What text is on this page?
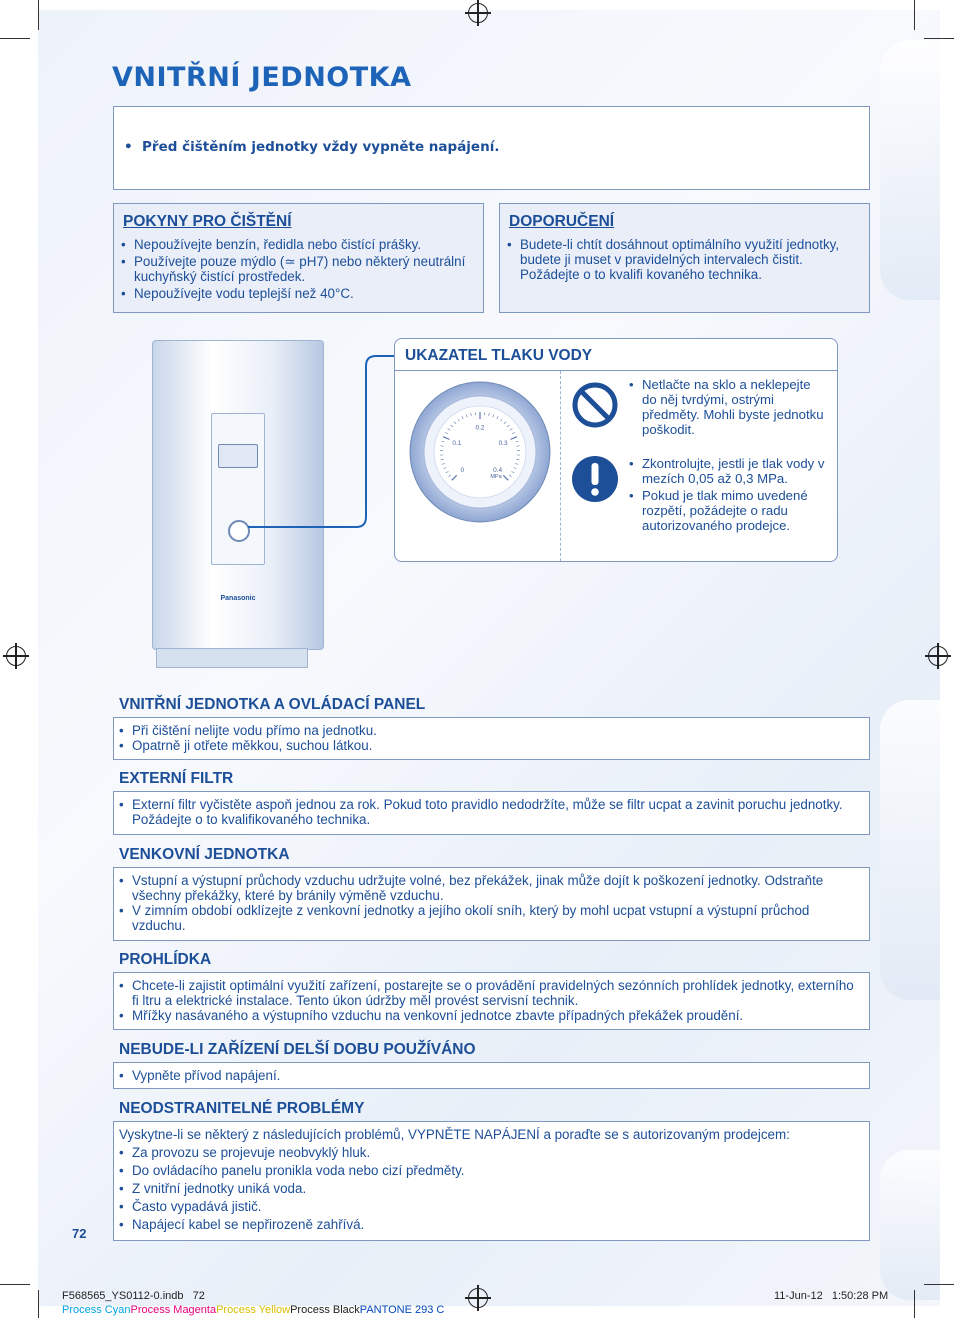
VNITŘNÍ JEDNOTKA
•  Před čištěním jednotky vždy vypněte napájení.
POKYNY PRO ČIŠTĚNÍ
• Nepoužívejte benzín, ředidla nebo čistící prášky.
• Používejte pouze mýdlo (≃ pH7) nebo některý neutrální kuchyňský čistící prostředek.
• Nepoužívejte vodu teplejší než 40°C.
DOPORUČENÍ
• Budete-li chtít dosáhnout optimálního využití jednotky, budete ji muset v pravidelných intervalech čistit. Požádejte o to kvalifi kovaného technika.
Panasonic
UKAZATEL TLAKU VODY
0
0.1
0.2
0.3
0.4
MPa
• Netlačte na sklo a neklepejte do něj tvrdými, ostrými předměty. Mohli byste jednotku poškodit.
• Zkontrolujte, jestli je tlak vody v mezích 0,05 až 0,3 MPa.
• Pokud je tlak mimo uvedené rozpětí, požádejte o radu autorizovaného prodejce.
VNITŘNÍ JEDNOTKA A OVLÁDACÍ PANEL
• Při čištění nelijte vodu přímo na jednotku.
• Opatrně ji otřete měkkou, suchou látkou.
EXTERNÍ FILTR
• Externí filtr vyčistěte aspoň jednou za rok. Pokud toto pravidlo nedodržíte, může se filtr ucpat a zavinit poruchu jednotky. Požádejte o to kvalifikovaného technika.
VENKOVNÍ JEDNOTKA
• Vstupní a výstupní průchody vzduchu udržujte volné, bez překážek, jinak může dojít k poškození jednotky. Odstraňte všechny překážky, které by bránily výměně vzduchu.
• V zimním období odklízejte z venkovní jednotky a jejího okolí sníh, který by mohl ucpat vstupní a výstupní průchod vzduchu.
PROHLÍDKA
• Chcete-li zajistit optimální využití zařízení, postarejte se o provádění pravidelných sezónních prohlídek jednotky, externího fi ltru a elektrické instalace. Tento úkon údržby měl provést servisní technik.
• Mřížky nasávaného a výstupního vzduchu na venkovní jednotce zbavte případných překážek proudění.
NEBUDE-LI ZAŘÍZENÍ DELŠÍ DOBU POUŽÍVÁNO
• Vypněte přívod napájení.
NEODSTRANITELNÉ PROBLÉMY
Vyskytne-li se některý z následujících problémů, VYPNĚTE NAPÁJENÍ a poraďte se s autorizovaným prodejcem:
• Za provozu se projevuje neobvyklý hluk.
• Do ovládacího panelu pronikla voda nebo cizí předměty.
• Z vnitřní jednotky uniká voda.
• Často vypadává jistič.
• Napájecí kabel se nepřirozeně zahřívá.
72
F568565_YS0112-0.indb   72	11-Jun-12   1:50:28 PM
Process CyanProcess MagentaProcess YellowProcess BlackPANTONE 293 C
